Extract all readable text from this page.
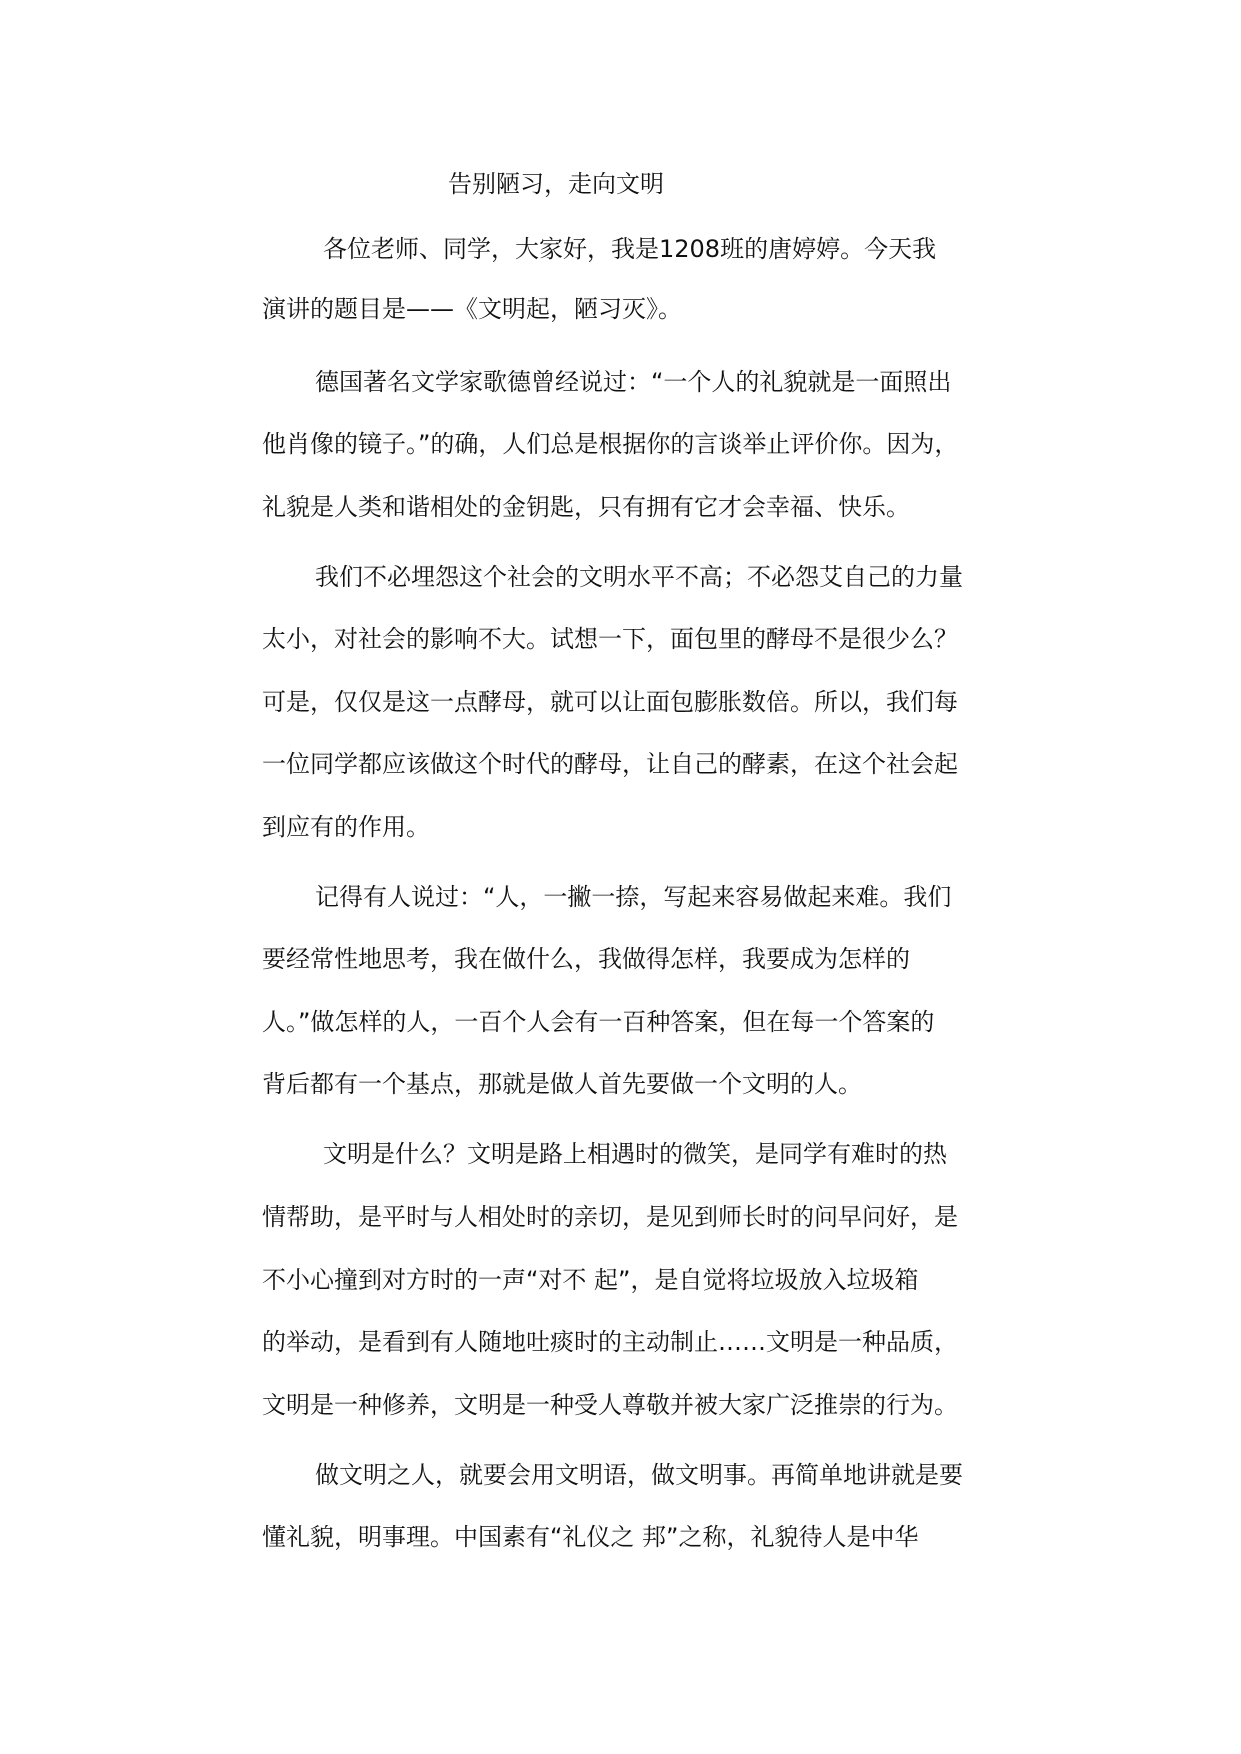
告别陋习，走向文明
各位老师、同学，大家好，我是1208班的唐婷婷。今天我
演讲的题目是——《文明起，陋习灭》。
德国著名文学家歌德曾经说过：“一个人的礼貌就是一面照出
他肖像的镜子。”的确，人们总是根据你的言谈举止评价你。因为，
礼貌是人类和谐相处的金钥匙，只有拥有它才会幸福、快乐。
我们不必埋怨这个社会的文明水平不高；不必怨艾自己的力量
太小，对社会的影响不大。试想一下，面包里的酵母不是很少么？
可是，仅仅是这一点酵母，就可以让面包膨胀数倍。所以，我们每
一位同学都应该做这个时代的酵母，让自己的酵素，在这个社会起
到应有的作用。
记得有人说过：“人，一撇一捺，写起来容易做起来难。我们
要经常性地思考，我在做什么，我做得怎样，我要成为怎样的
人。”做怎样的人，一百个人会有一百种答案，但在每一个答案的
背后都有一个基点，那就是做人首先要做一个文明的人。
文明是什么？文明是路上相遇时的微笑，是同学有难时的热
情帮助，是平时与人相处时的亲切，是见到师长时的问早问好，是
不小心撞到对方时的一声“对不 起”，是自觉将垃圾放入垃圾箱
的举动，是看到有人随地吐痰时的主动制止……文明是一种品质，
文明是一种修养，文明是一种受人尊敬并被大家广泛推崇的行为。
做文明之人，就要会用文明语，做文明事。再简单地讲就是要
懂礼貌，明事理。中国素有“礼仪之 邦”之称，礼貌待人是中华
